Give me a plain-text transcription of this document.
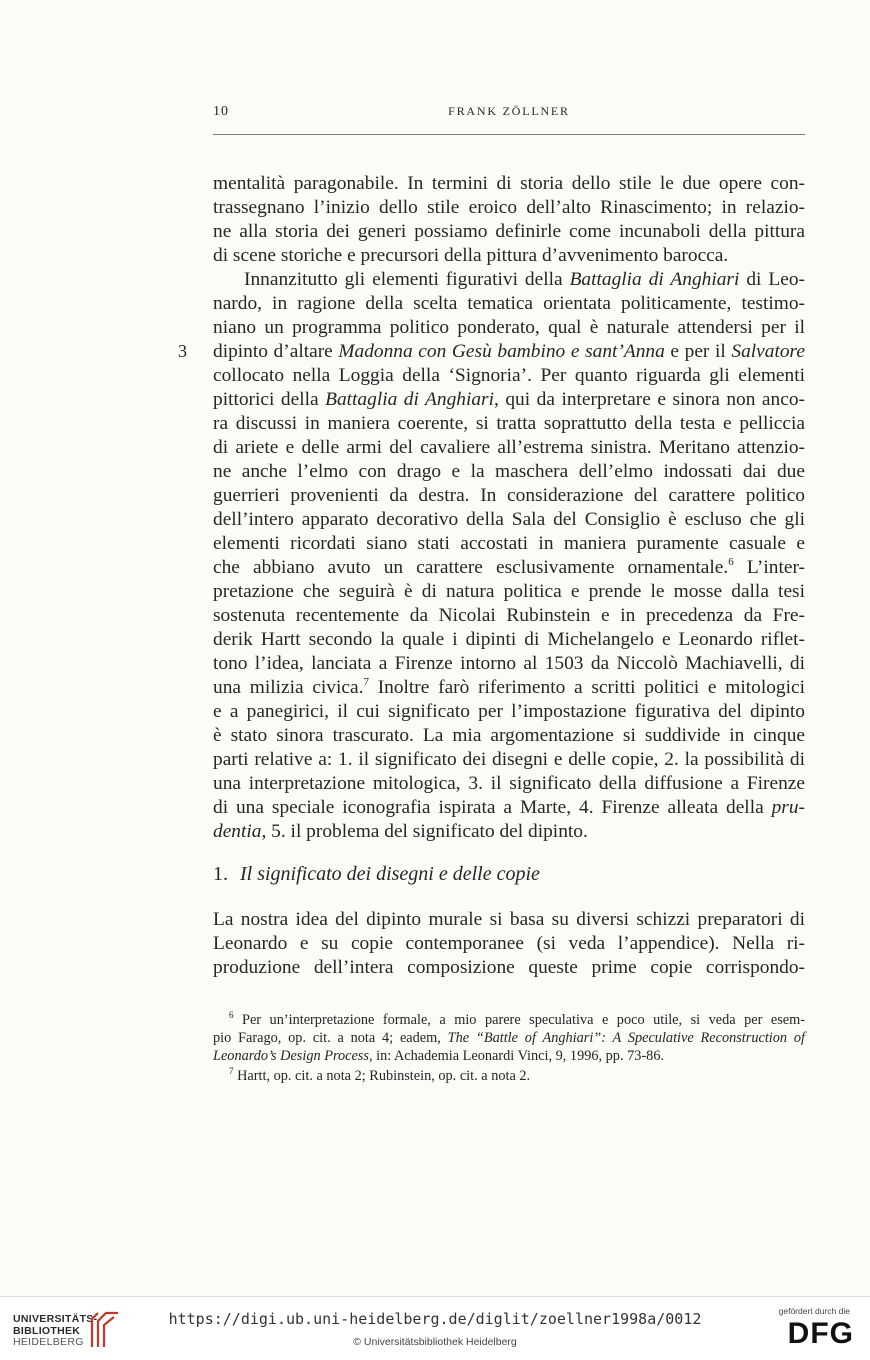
10	FRANK ZÖLLNER
mentalità paragonabile. In termini di storia dello stile le due opere con-
trassegnano l’inizio dello stile eroico dell’alto Rinascimento; in relazio-
ne alla storia dei generi possiamo definirle come incunaboli della pittura
di scene storiche e precursori della pittura d’avvenimento barocca.
Innanzitutto gli elementi figurativi della Battaglia di Anghiari di Leo-
nardo, in ragione della scelta tematica orientata politicamente, testimo-
niano un programma politico ponderato, qual è naturale attendersi per il
3 dipinto d’altare Madonna con Gesù bambino e sant’Anna e per il Salvatore
collocato nella Loggia della ‘Signoria’. Per quanto riguarda gli elementi
pittorici della Battaglia di Anghiari, qui da interpretare e sinora non anco-
ra discussi in maniera coerente, si tratta soprattutto della testa e pelliccia
di ariete e delle armi del cavaliere all’estrema sinistra. Meritano attenzio-
ne anche l’elmo con drago e la maschera dell’elmo indossati dai due
guerrieri provenienti da destra. In considerazione del carattere politico
dell’intero apparato decorativo della Sala del Consiglio è escluso che gli
elementi ricordati siano stati accostati in maniera puramente casuale e
che abbiano avuto un carattere esclusivamente ornamentale.$^6$ L’inter-
pretazione che seguirà è di natura politica e prende le mosse dalla tesi
sostenuta recentemente da Nicolai Rubinstein e in precedenza da Fre-
derik Hartt secondo la quale i dipinti di Michelangelo e Leonardo riflet-
tono l’idea, lanciata a Firenze intorno al 1503 da Niccolò Machiavelli, di
una milizia civica.$^7$ Inoltre farò riferimento a scritti politici e mitologici
e a panegirici, il cui significato per l’impostazione figurativa del dipinto
è stato sinora trascurato. La mia argomentazione si suddivide in cinque
parti relative a: 1. il significato dei disegni e delle copie, 2. la possibilità di
una interpretazione mitologica, 3. il significato della diffusione a Firenze
di una speciale iconografia ispirata a Marte, 4. Firenze alleata della pru-
dentia, 5. il problema del significato del dipinto.
1. Il significato dei disegni e delle copie
La nostra idea del dipinto murale si basa su diversi schizzi preparatori di
Leonardo e su copie contemporanee (si veda l’appendice). Nella ri-
produzione dell’intera composizione queste prime copie corrispondo-
$^6$ Per un’interpretazione formale, a mio parere speculativa e poco utile, si veda per esem-
pio Farago, op. cit. a nota 4; eadem, The “Battle of Anghiari”: A Speculative Reconstruction of
Leonardo’s Design Process, in: Achademia Leonardi Vinci, 9, 1996, pp. 73-86.
$^7$ Hartt, op. cit. a nota 2; Rubinstein, op. cit. a nota 2.
UNIVERSITÄTS-
BIBLIOTHEK
HEIDELBERG
https://digi.ub.uni-heidelberg.de/diglit/zoellner1998a/0012
© Universitätsbibliothek Heidelberg
gefördert durch die
DFG
